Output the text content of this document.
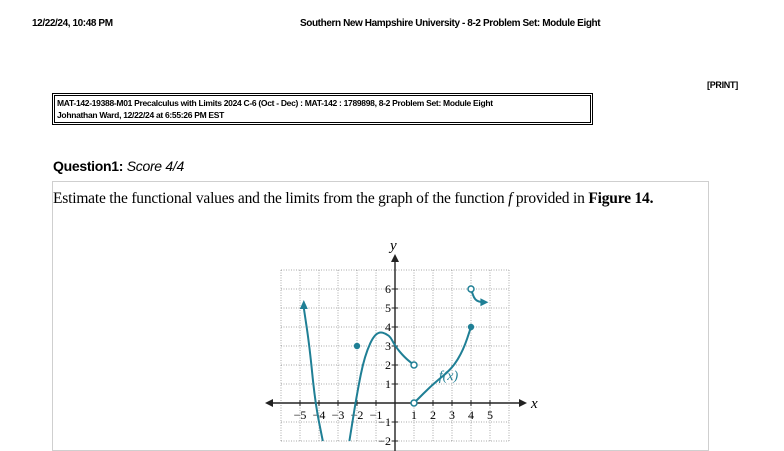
12/22/24, 10:48 PM	Southern New Hampshire University - 8-2 Problem Set: Module Eight
[PRINT]
MAT-142-19388-M01 Precalculus with Limits 2024 C-6 (Oct - Dec) : MAT-142 : 1789898, 8-2 Problem Set: Module Eight
Johnathan Ward, 12/22/24 at 6:55:26 PM EST
Question1: Score 4/4
Estimate the functional values and the limits from the graph of the function f provided in Figure 14.
x
y
−5 −4 −3 −2 −1 1 2 3 4 5
−1
−2
1
2
3
4
5
6
f(x)
